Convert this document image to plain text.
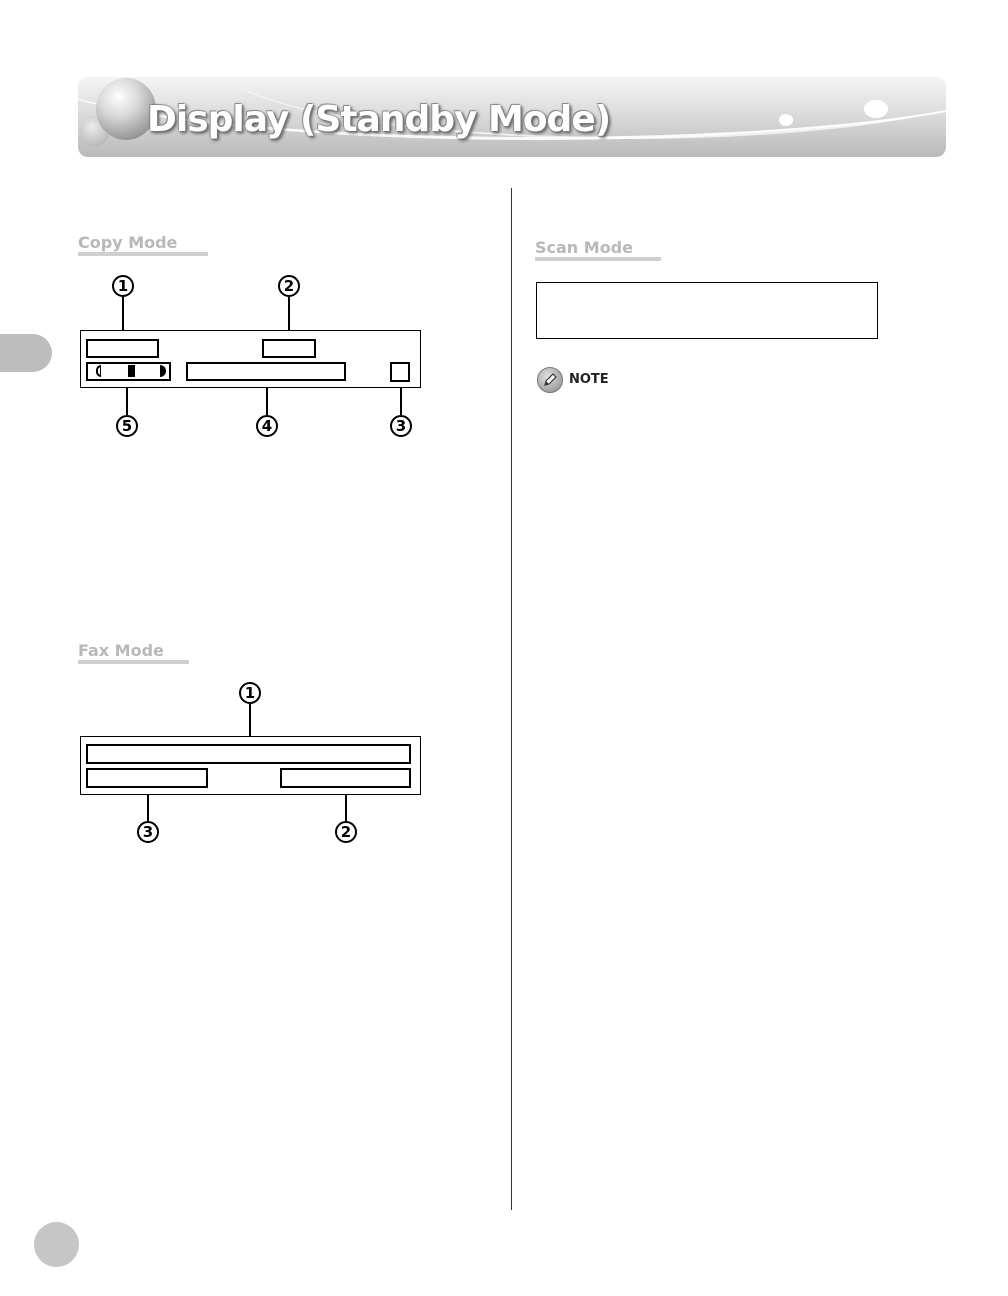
Display (Standby Mode)
Copy Mode
1	2
3
4
5
Fax Mode
1
3	2
Scan Mode

NOTE
